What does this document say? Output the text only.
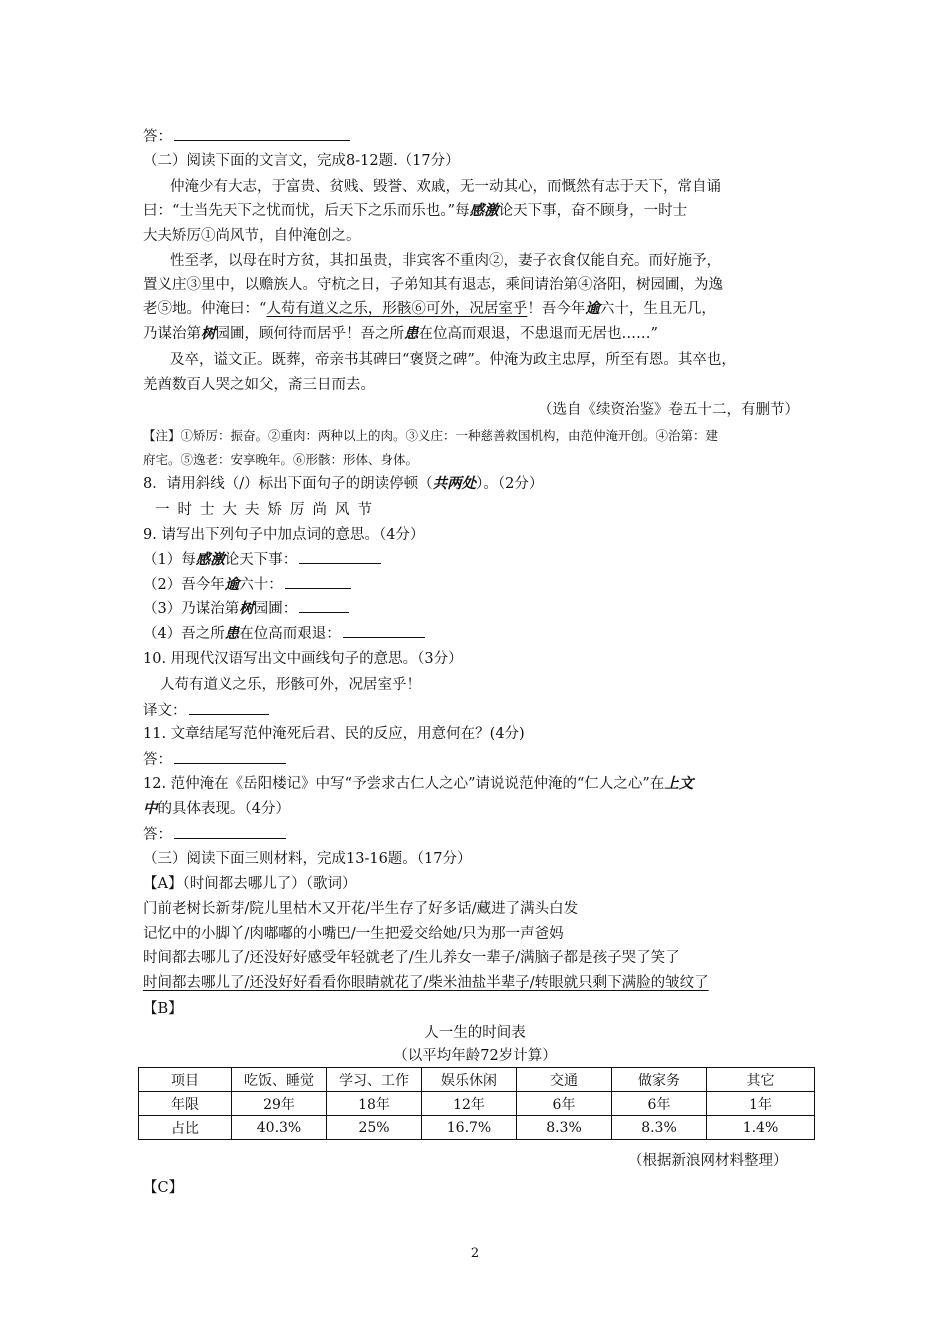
答：
（二）阅读下面的文言文，完成8-12题.（17分）
仲淹少有大志，于富贵、贫贱、毁誉、欢戚，无一动其心，而慨然有志于天下，常自诵
曰：“士当先天下之忧而忧，后天下之乐而乐也。”每感激论天下事，奋不顾身，一时士
大夫矫厉①尚风节，自仲淹创之。
性至孝，以母在时方贫，其扣虽贵，非宾客不重肉②，妻子衣食仅能自充。而好施予，
置义庄③里中，以赡族人。守杭之日，子弟知其有退志，乘间请治第④洛阳，树园圃，为逸
老⑤地。仲淹曰：“人苟有道义之乐，形骸⑥可外，况居室乎！吾今年逾六十，生且无几，
乃谋治第树园圃，顾何待而居乎！吾之所患在位高而艰退，不患退而无居也……”
及卒，谥文正。既葬，帝亲书其碑曰“褒贤之碑”。仲淹为政主忠厚，所至有恩。其卒也，
羌酋数百人哭之如父，斋三日而去。
（选自《续资治鉴》卷五十二，有删节）
【注】①矫厉：振奋。②重肉：两种以上的肉。③义庄：一种慈善救国机构，由范仲淹开创。④治第：建
府宅。⑤逸老：安享晚年。⑥形骸：形体、身体。
8．请用斜线（/）标出下面句子的朗读停顿（共两处）。（2分）
一时士大夫矫厉尚风节
9. 请写出下列句子中加点词的意思。（4分）
（1）每感激论天下事：
（2）吾今年逾六十：
（3）乃谋治第树园圃：
（4）吾之所患在位高而艰退：
10. 用现代汉语写出文中画线句子的意思。（3分）
人苟有道义之乐，形骸可外，况居室乎！
译文：
11. 文章结尾写范仲淹死后君、民的反应，用意何在？(4分)
答：
12. 范仲淹在《岳阳楼记》中写“予尝求古仁人之心”请说说范仲淹的“仁人之心”在上文
中的具体表现。（4分）
答：
（三）阅读下面三则材料，完成13-16题。（17分）
【A】（时间都去哪儿了）（歌词）
门前老树长新芽/院儿里枯木又开花/半生存了好多话/藏进了满头白发
记忆中的小脚丫/肉嘟嘟的小嘴巴/一生把爱交给她/只为那一声爸妈
时间都去哪儿了/还没好好感受年轻就老了/生儿养女一辈子/满脑子都是孩子哭了笑了
时间都去哪儿了/还没好好看看你眼睛就花了/柴米油盐半辈子/转眼就只剩下满脸的皱纹了
【B】
人一生的时间表
（以平均年龄72岁计算）
项目	吃饭、睡觉	学习、工作	娱乐休闲	交通	做家务	其它
年限	29年	18年	12年	6年	6年	1年
占比	40.3%	25%	16.7%	8.3%	8.3%	1.4%
（根据新浪网材料整理）
【C】
2
